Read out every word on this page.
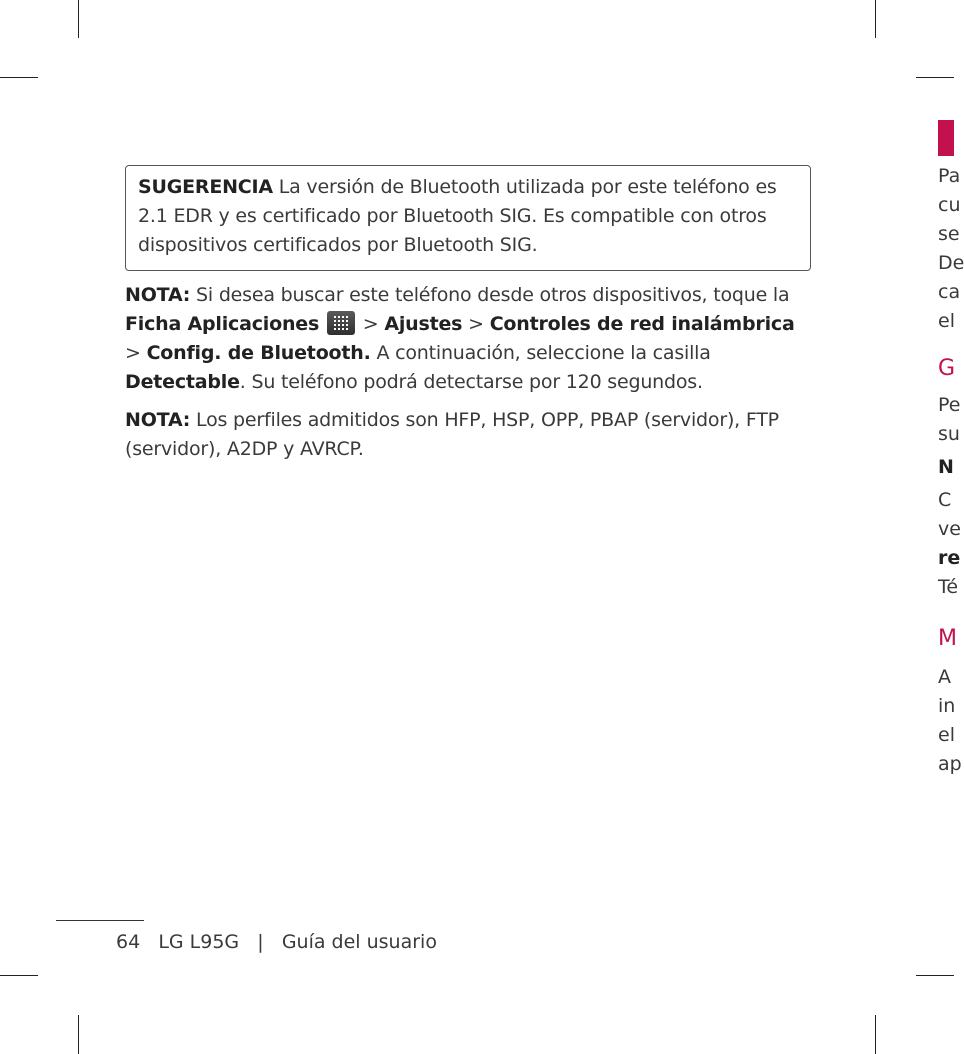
SUGERENCIA La versión de Bluetooth utilizada por este teléfono es 2.1 EDR y es certificado por Bluetooth SIG. Es compatible con otros dispositivos certificados por Bluetooth SIG.

NOTA: Si desea buscar este teléfono desde otros dispositivos, toque la Ficha Aplicaciones
> Ajustes > Controles de red inalámbrica > Config. de Bluetooth. A continuación, seleccione la casilla Detectable. Su teléfono podrá detectarse por 120 segundos.

NOTA: Los perfiles admitidos son HFP, HSP, OPP, PBAP (servidor), FTP (servidor), A2DP y AVRCP.

64 LG L95G | Guía del usuario
Pa
cu
se
De
ca
el
G
Pe
su
N
C
ve
re
Té
M
A
in
el
ap
